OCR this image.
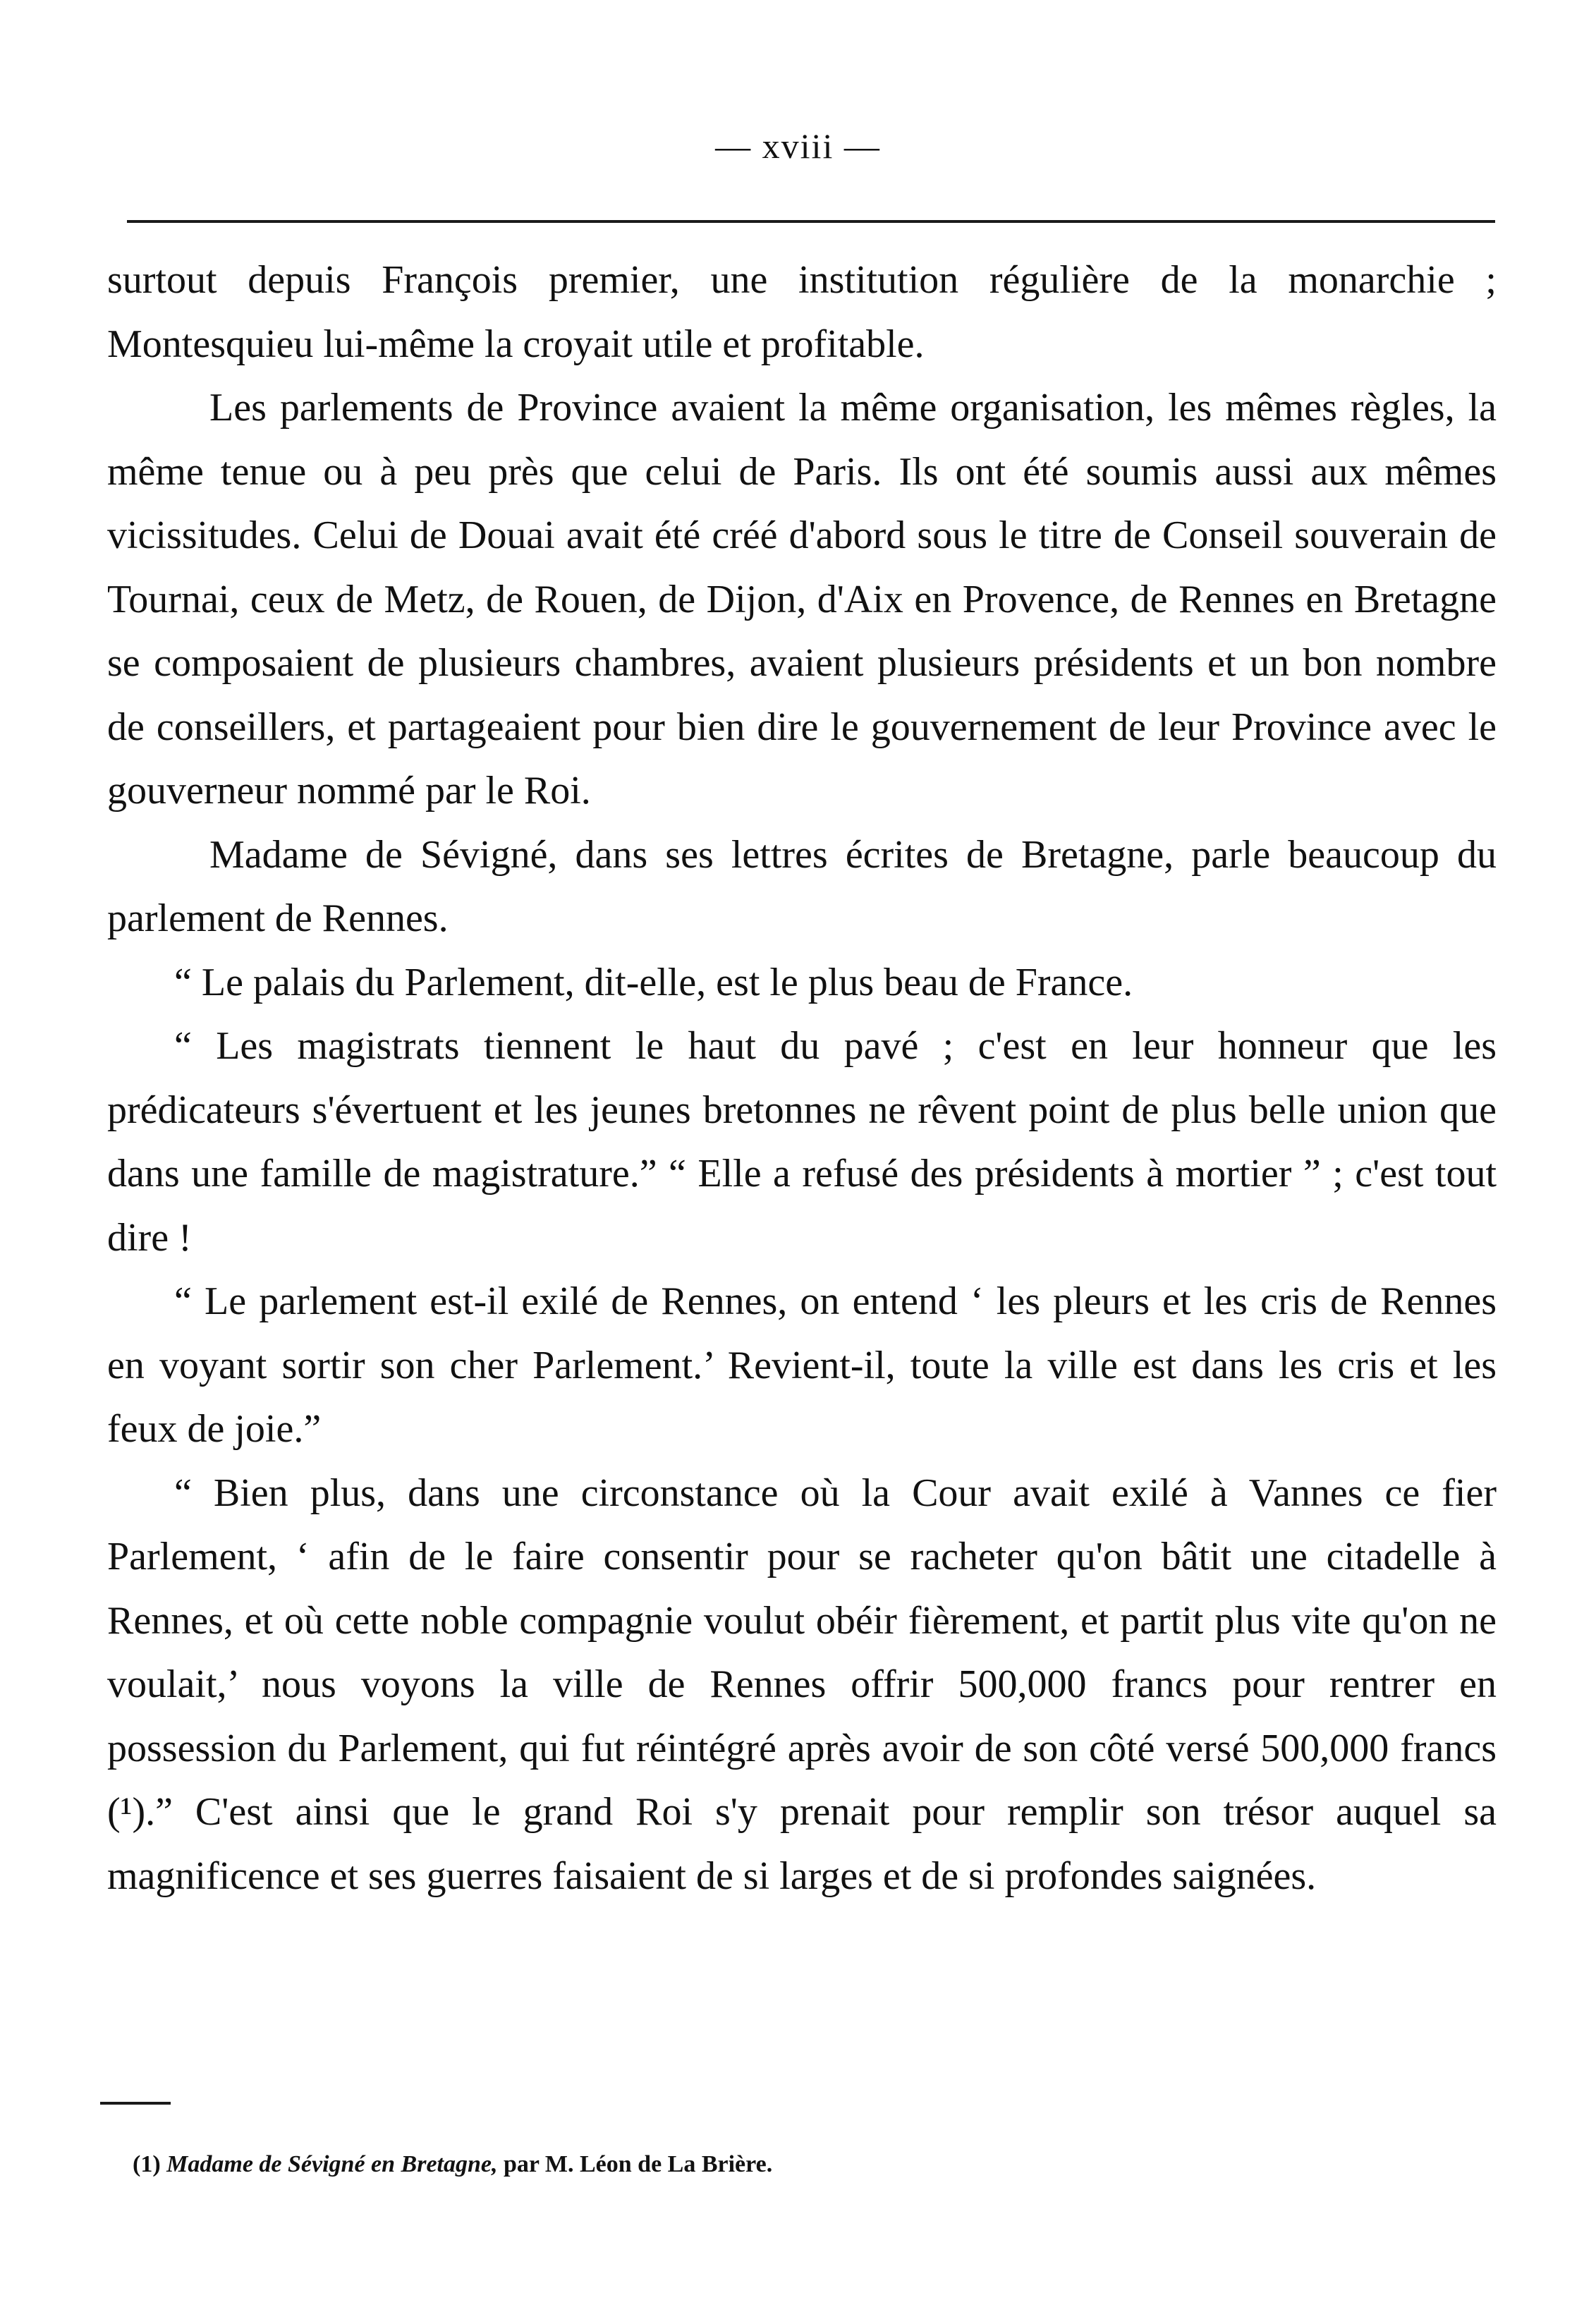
— xviii —

surtout depuis François premier, une institution régulière de la monarchie ; Montesquieu lui-même la croyait utile et profitable.

Les parlements de Province avaient la même organisation, les mêmes règles, la même tenue ou à peu près que celui de Paris. Ils ont été soumis aussi aux mêmes vicissitudes. Celui de Douai avait été créé d'abord sous le titre de Conseil souverain de Tournai, ceux de Metz, de Rouen, de Dijon, d'Aix en Provence, de Rennes en Bretagne se composaient de plusieurs chambres, avaient plusieurs présidents et un bon nombre de conseillers, et partageaient pour bien dire le gouvernement de leur Province avec le gouverneur nommé par le Roi.

Madame de Sévigné, dans ses lettres écrites de Bretagne, parle beaucoup du parlement de Rennes.

“ Le palais du Parlement, dit-elle, est le plus beau de France.

“ Les magistrats tiennent le haut du pavé ; c'est en leur honneur que les prédicateurs s'évertuent et les jeunes bretonnes ne rêvent point de plus belle union que dans une famille de magistrature.” “ Elle a refusé des présidents à mortier ” ; c'est tout dire !

“ Le parlement est-il exilé de Rennes, on entend ‘ les pleurs et les cris de Rennes en voyant sortir son cher Parlement.’ Revient-il, toute la ville est dans les cris et les feux de joie.”

“ Bien plus, dans une circonstance où la Cour avait exilé à Vannes ce fier Parlement, ‘ afin de le faire consentir pour se racheter qu'on bâtit une citadelle à Rennes, et où cette noble compagnie voulut obéir fièrement, et partit plus vite qu'on ne voulait,’ nous voyons la ville de Rennes offrir 500,000 francs pour rentrer en possession du Parlement, qui fut réintégré après avoir de son côté versé 500,000 francs (¹).” C'est ainsi que le grand Roi s'y prenait pour remplir son trésor auquel sa magnificence et ses guerres faisaient de si larges et de si profondes saignées.

(1) Madame de Sévigné en Bretagne, par M. Léon de La Brière.
